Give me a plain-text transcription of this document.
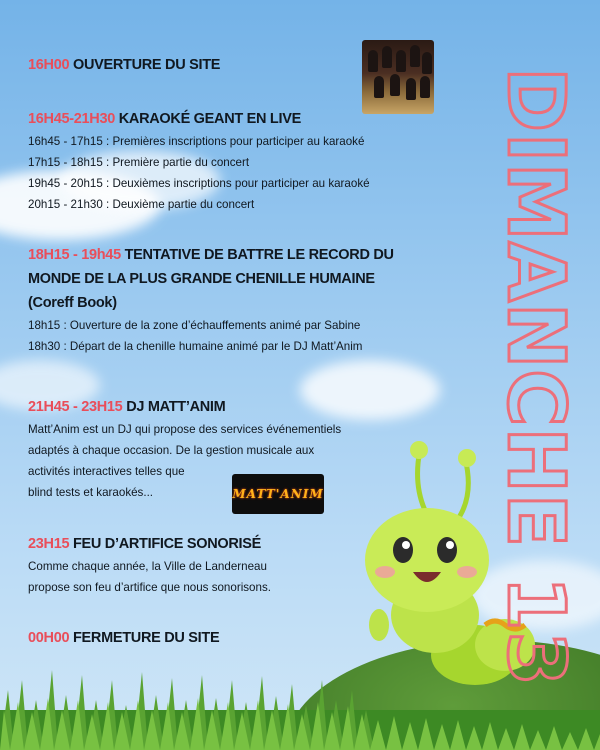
16H00 OUVERTURE DU SITE

16H45-21H30 KARAOKÉ GEANT EN LIVE

16h45 - 17h15 : Premières inscriptions pour participer au karaoké

17h15 - 18h15 : Première partie du concert

19h45 - 20h15 : Deuxièmes inscriptions pour participer au karaoké

20h15 - 21h30 : Deuxième partie du concert

18H15 - 19h45 TENTATIVE DE BATTRE LE RECORD DU

MONDE DE LA PLUS GRANDE CHENILLE HUMAINE

(Coreff Book)

18h15 : Ouverture de la zone d’échauffements animé par Sabine

18h30 : Départ de la chenille humaine animé par le DJ Matt’Anim

21H45 - 23H15 DJ MATT’ANIM

Matt’Anim est un DJ qui propose des services événementiels

adaptés à chaque occasion. De la gestion musicale aux

activités interactives telles que

blind tests et karaokés...

23H15 FEU D’ARTIFICE SONORISÉ

Comme chaque année, la Ville de Landerneau

propose son feu d’artifice que nous sonorisons.

00H00 FERMETURE DU SITE

MATT'ANIM DIMANCHE 13
